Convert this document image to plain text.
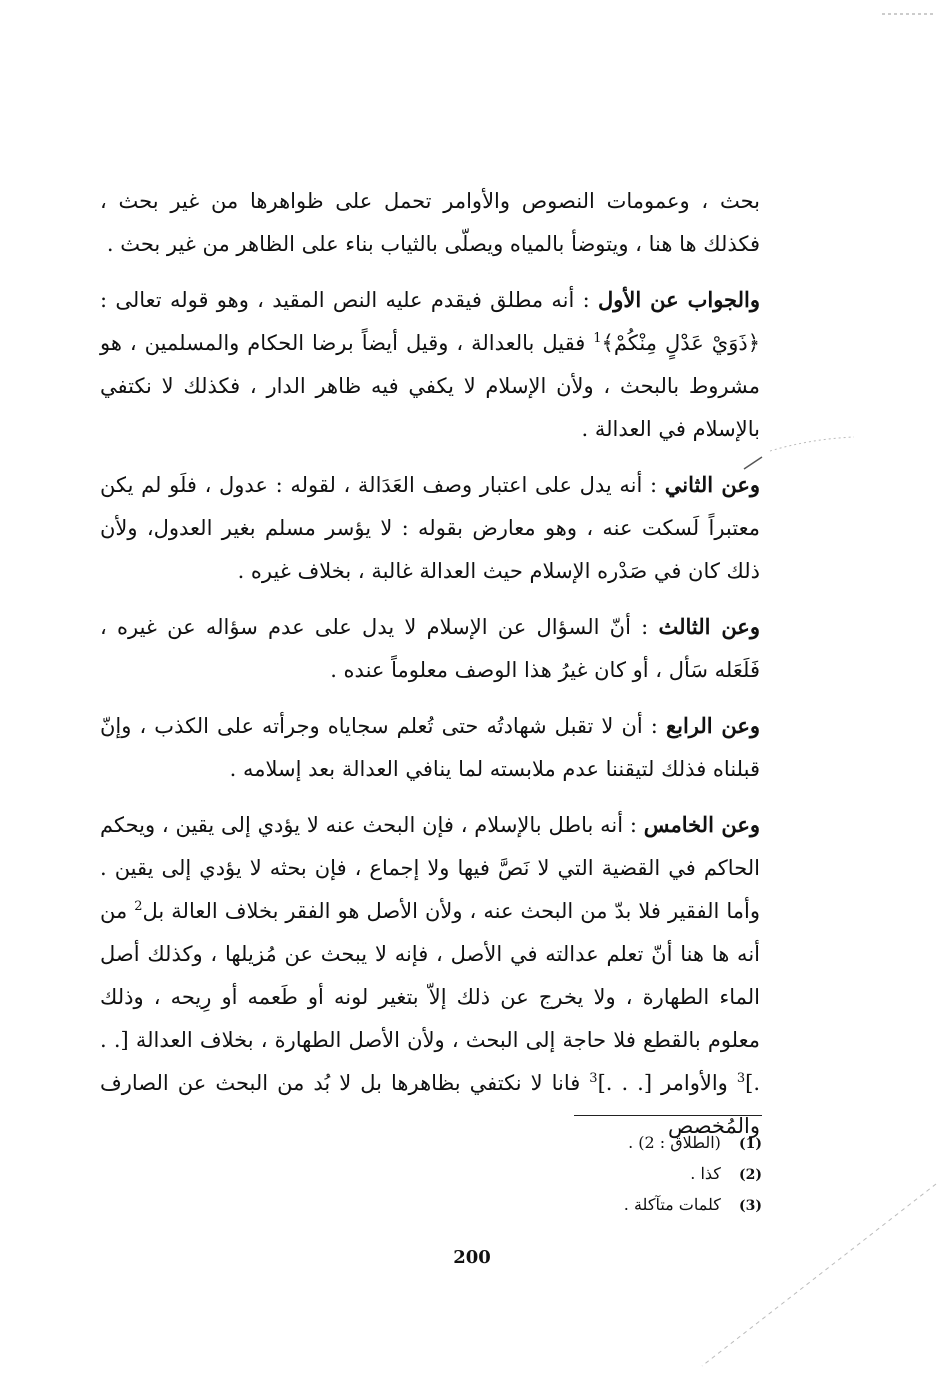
بحث ، وعمومات النصوص والأوامر تحمل على ظواهرها من غير بحث ، فكذلك ها هنا ، ويتوضأ بالمياه ويصلّى بالثياب بناء على الظاهر من غير بحث .

والجواب عن الأول : أنه مطلق فيقدم عليه النص المقيد ، وهو قوله تعالى : ﴿ذَوَيْ عَدْلٍ مِنْكُمْ﴾$^1$ فقيل بالعدالة ، وقيل أيضاً برضا الحكام والمسلمين ، هو مشروط بالبحث ، ولأن الإسلام لا يكفي فيه ظاهر الدار ، فكذلك لا نكتفي بالإسلام في العدالة .

وعن الثاني : أنه يدل على اعتبار وصف العَدَالة ، لقوله : عدول ، فلَو لم يكن معتبراً لَسكت عنه ، وهو معارض بقوله : لا يؤسر مسلم بغير العدول، ولأن ذلك كان في صَدْره الإسلام حيث العدالة غالبة ، بخلاف غيره .

وعن الثالث : أنّ السؤال عن الإسلام لا يدل على عدم سؤاله عن غيره ، فَلَعَله سَأل ، أو كان غيرُ هذا الوصف معلوماً عنده .

وعن الرابع : أن لا تقبل شهادتُه حتى تُعلم سجاياه وجرأته على الكذب ، وإنّ قبلناه فذلك لتيقننا عدم ملابسته لما ينافي العدالة بعد إسلامه .

وعن الخامس : أنه باطل بالإسلام ، فإن البحث عنه لا يؤدي إلى يقين ، ويحكم الحاكم في القضية التي لا نَصَّ فيها ولا إجماع ، فإن بحثه لا يؤدي إلى يقين . وأما الفقير فلا بدّ من البحث عنه ، ولأن الأصل هو الفقر بخلاف العالة بل$^2$ من أنه ها هنا أنّ تعلم عدالته في الأصل ، فإنه لا يبحث عن مُزيلها ، وكذلك أصل الماء الطهارة ، ولا يخرج عن ذلك إلاّ بتغير لونه أو طَعمه أو رِيحه ، وذلك معلوم بالقطع فلا حاجة إلى البحث ، ولأن الأصل الطهارة ، بخلاف العدالة [. . .]$^3$ والأوامر [. . .]$^3$ فانا لا نكتفي بظاهرها بل لا بُد من البحث عن الصارف والمُخصص

(1) (الطلاق : 2) .
(2) كذا .
(3) كلمات متآكلة .
200
